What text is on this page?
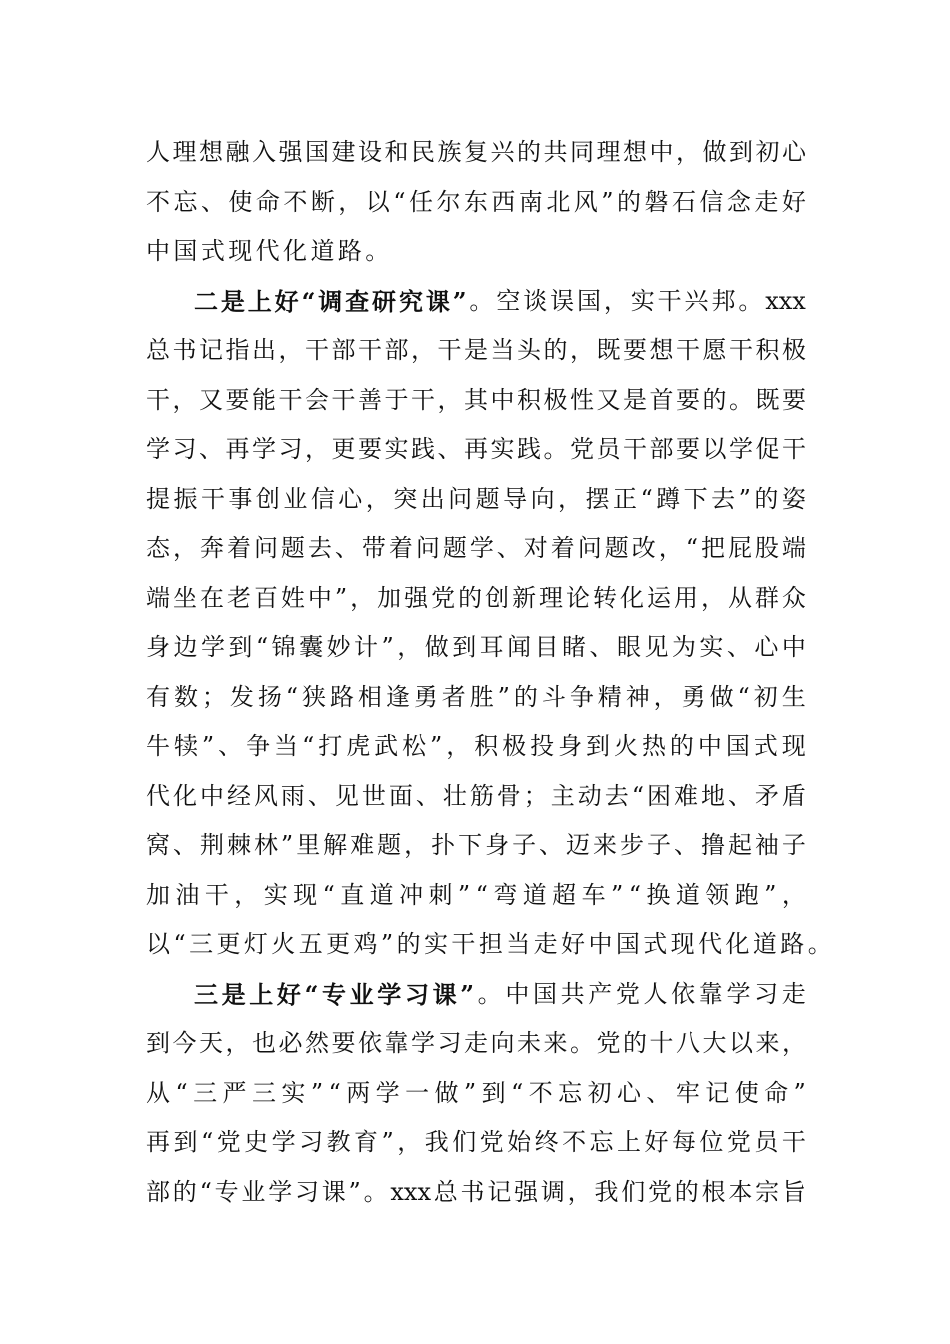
人 理 想 融 入 强 国 建 设 和 民 族 复 兴 的 共 同 理 想 中 ， 做 到 初 心
不 忘 、 使 命 不 断 ， 以 “ 任 尔 东 西 南 北 风 ” 的 磐 石 信 念 走 好
中 国 式 现 代 化 道 路 。
二 是 上 好 “ 调 查 研 究 课 ” 。 空 谈 误 国 ， 实 干 兴 邦 。 xxx
总 书 记 指 出 ， 干 部 干 部 ， 干 是 当 头 的 ， 既 要 想 干 愿 干 积 极
干 ， 又 要 能 干 会 干 善 于 干 ， 其 中 积 极 性 又 是 首 要 的 。 既 要
学 习 、 再 学 习 ， 更 要 实 践 、 再 实 践 。 党 员 干 部 要 以 学 促 干
提 振 干 事 创 业 信 心 ， 突 出 问 题 导 向 ， 摆 正 “ 蹲 下 去 ” 的 姿
态 ， 奔 着 问 题 去 、 带 着 问 题 学 、 对 着 问 题 改 ， “ 把 屁 股 端
端 坐 在 老 百 姓 中 ” ， 加 强 党 的 创 新 理 论 转 化 运 用 ， 从 群 众
身 边 学 到 “ 锦 囊 妙 计 ” ， 做 到 耳 闻 目 睹 、 眼 见 为 实 、 心 中
有 数 ； 发 扬 “ 狭 路 相 逢 勇 者 胜 ” 的 斗 争 精 神 ， 勇 做 “ 初 生
牛 犊 ” 、 争 当 “ 打 虎 武 松 ” ， 积 极 投 身 到 火 热 的 中 国 式 现
代 化 中 经 风 雨 、 见 世 面 、 壮 筋 骨 ； 主 动 去 “ 困 难 地 、 矛 盾
窝 、 荆 棘 林 ” 里 解 难 题 ， 扑 下 身 子 、 迈 来 步 子 、 撸 起 袖 子
加 油 干 ， 实 现 “ 直 道 冲 刺 ” “ 弯 道 超 车 ” “ 换 道 领 跑 ” ，
以 “ 三 更 灯 火 五 更 鸡 ” 的 实 干 担 当 走 好 中 国 式 现 代 化 道 路 。
三 是 上 好 “ 专 业 学 习 课 ” 。 中 国 共 产 党 人 依 靠 学 习 走
到 今 天 ， 也 必 然 要 依 靠 学 习 走 向 未 来 。 党 的 十 八 大 以 来 ，
从 “ 三 严 三 实 ” “ 两 学 一 做 ” 到 “ 不 忘 初 心 、 牢 记 使 命 ”
再 到 “ 党 史 学 习 教 育 ” ， 我 们 党 始 终 不 忘 上 好 每 位 党 员 干
部 的 “ 专 业 学 习 课 ” 。 xxx 总 书 记 强 调 ， 我 们 党 的 根 本 宗 旨
